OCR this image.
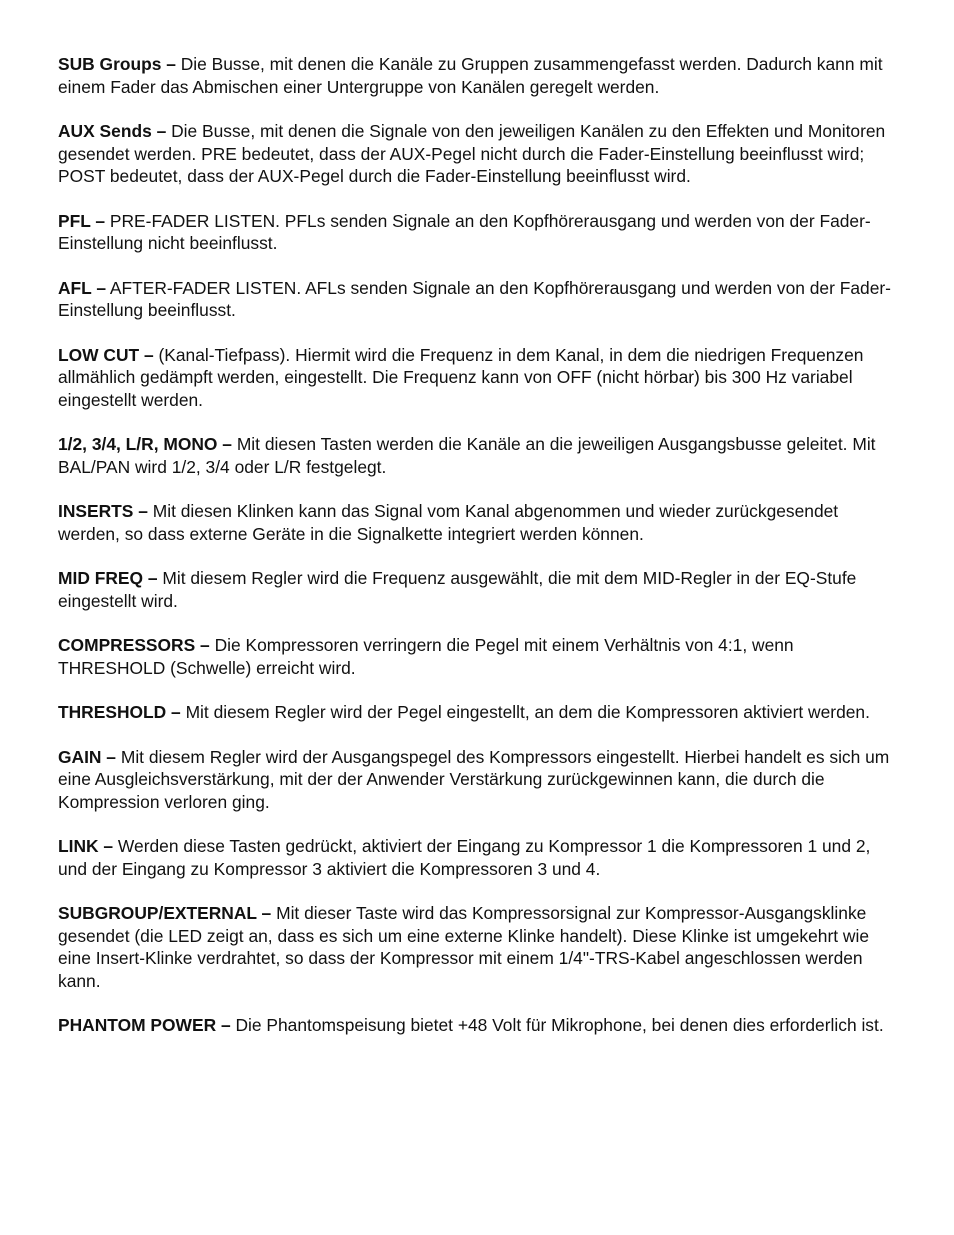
SUB Groups – Die Busse, mit denen die Kanäle zu Gruppen zusammengefasst werden. Dadurch kann mit einem Fader das Abmischen einer Untergruppe von Kanälen geregelt werden.

AUX Sends – Die Busse, mit denen die Signale von den jeweiligen Kanälen zu den Effekten und Monitoren gesendet werden. PRE bedeutet, dass der AUX-Pegel nicht durch die Fader-Einstellung beeinflusst wird; POST bedeutet, dass der AUX-Pegel durch die Fader-Einstellung beeinflusst wird.

PFL – PRE-FADER LISTEN. PFLs senden Signale an den Kopfhörerausgang und werden von der Fader-Einstellung nicht beeinflusst.

AFL – AFTER-FADER LISTEN. AFLs senden Signale an den Kopfhörerausgang und werden von der Fader-Einstellung beeinflusst.

LOW CUT – (Kanal-Tiefpass). Hiermit wird die Frequenz in dem Kanal, in dem die niedrigen Frequenzen allmählich gedämpft werden, eingestellt. Die Frequenz kann von OFF (nicht hörbar) bis 300 Hz variabel eingestellt werden.

1/2, 3/4, L/R, MONO – Mit diesen Tasten werden die Kanäle an die jeweiligen Ausgangsbusse geleitet. Mit BAL/PAN wird 1/2, 3/4 oder L/R festgelegt.

INSERTS – Mit diesen Klinken kann das Signal vom Kanal abgenommen und wieder zurückgesendet werden, so dass externe Geräte in die Signalkette integriert werden können.

MID FREQ – Mit diesem Regler wird die Frequenz ausgewählt, die mit dem MID-Regler in der EQ-Stufe eingestellt wird.

COMPRESSORS – Die Kompressoren verringern die Pegel mit einem Verhältnis von 4:1, wenn THRESHOLD (Schwelle) erreicht wird.

THRESHOLD – Mit diesem Regler wird der Pegel eingestellt, an dem die Kompressoren aktiviert werden.

GAIN – Mit diesem Regler wird der Ausgangspegel des Kompressors eingestellt. Hierbei handelt es sich um eine Ausgleichsverstärkung, mit der der Anwender Verstärkung zurückgewinnen kann, die durch die Kompression verloren ging.

LINK – Werden diese Tasten gedrückt, aktiviert der Eingang zu Kompressor 1 die Kompressoren 1 und 2, und der Eingang zu Kompressor 3 aktiviert die Kompressoren 3 und 4.

SUBGROUP/EXTERNAL – Mit dieser Taste wird das Kompressorsignal zur Kompressor-Ausgangsklinke gesendet (die LED zeigt an, dass es sich um eine externe Klinke handelt). Diese Klinke ist umgekehrt wie eine Insert-Klinke verdrahtet, so dass der Kompressor mit einem 1/4"-TRS-Kabel angeschlossen werden kann.

PHANTOM POWER – Die Phantomspeisung bietet +48 Volt für Mikrophone, bei denen dies erforderlich ist.
